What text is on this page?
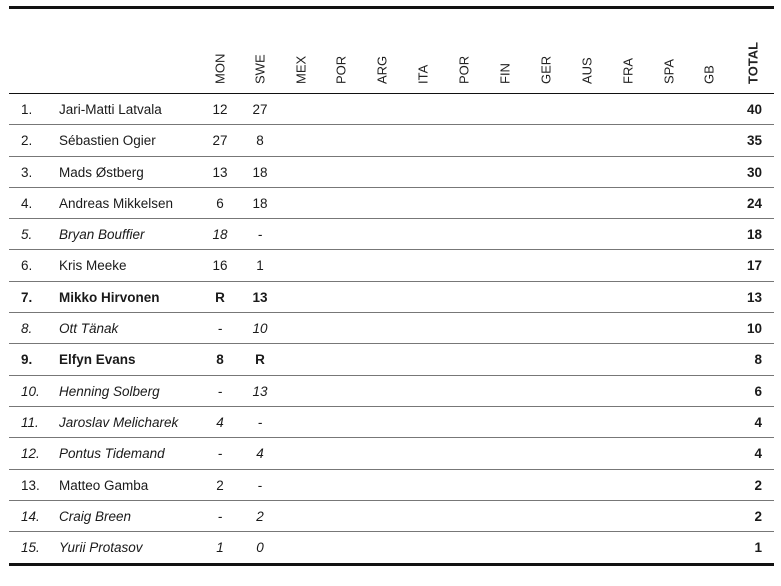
MON SWE MEX POR ARG ITA POR FIN GER AUS FRA SPA GB TOTAL
1. Jari-Matti Latvala	12	27	40
2. Sébastien Ogier	27	8	35
3. Mads Østberg	13	18	30
4. Andreas Mikkelsen	6	18	24
5. Bryan Bouffier	18	-	18
6. Kris Meeke	16	1	17
7. Mikko Hirvonen	R	13	13
8. Ott Tänak	-	10	10
9. Elfyn Evans	8	R	8
10. Henning Solberg	-	13	6
11. Jaroslav Melicharek	4	-	4
12. Pontus Tidemand	-	4	4
13. Matteo Gamba	2	-	2
14. Craig Breen	-	2	2
15. Yurii Protasov	1	0	1
